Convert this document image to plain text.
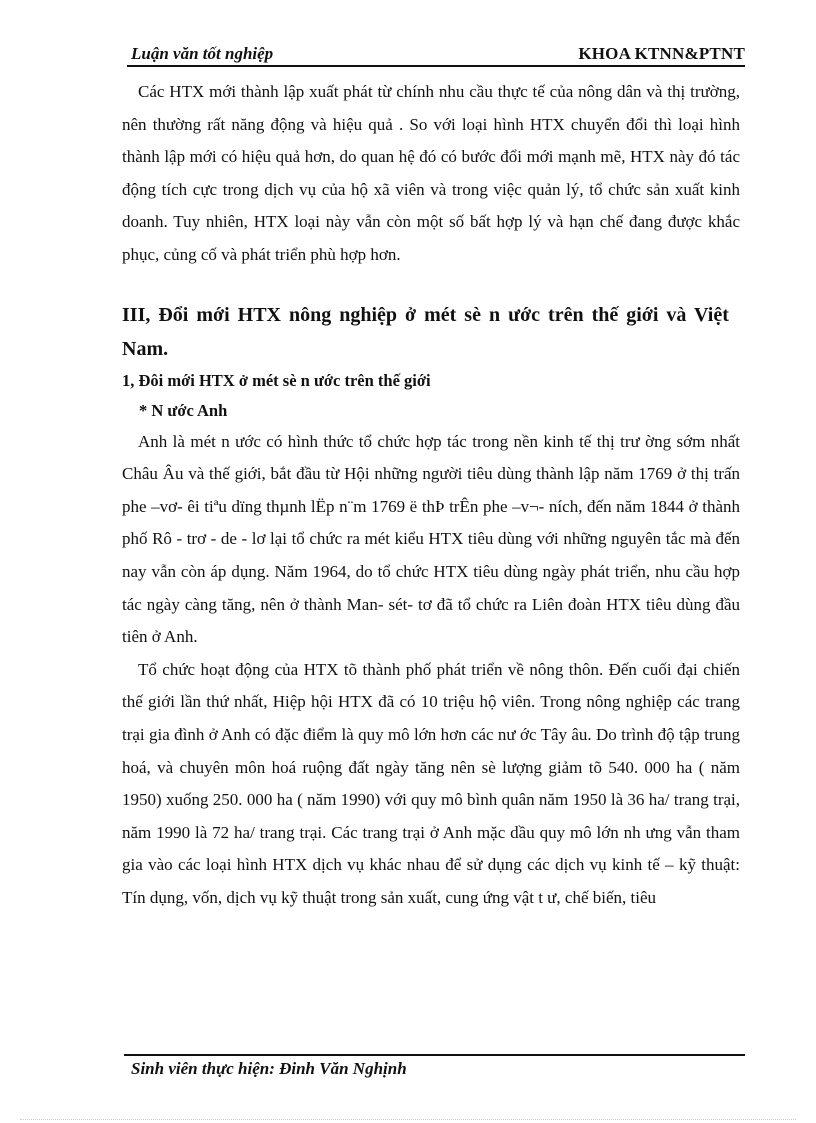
Luận văn tốt nghiệp	KHOA KTNN&PTNT

Các HTX mới thành lập xuất phát từ chính nhu cầu thực tế của nông dân và thị trường, nên thường rất năng động và hiệu quả . So với loại hình HTX chuyển đổi thì loại hình thành lập mới có hiệu quả hơn, do quan hệ đó có bước đổi mới mạnh mẽ, HTX này đó tác động tích cực trong dịch vụ của hộ xã viên và trong việc quản lý, tổ chức sản xuất kinh doanh. Tuy nhiên, HTX loại này vẫn còn một số bất hợp lý và hạn chế đang được khắc phục, củng cố và phát triển phù hợp hơn.

III, Đổi mới HTX nông nghiệp ở mét sè n ước trên thế giới và Việt Nam.

1, Đôi mới HTX ở mét sè n ước trên thế giới

* N ước Anh

Anh là mét n ước có hình thức tổ chức hợp tác trong nền kinh tế thị trư ờng sớm nhất Châu Âu và thế giới, bắt đầu từ Hội những người tiêu dùng thành lập năm 1769 ở thị trấn phe –vơ- êi tiªu dïng thµnh lËp n¨m 1769 ë thÞ trÊn phe –v¬- ních, đến năm 1844 ở thành phố Rô - trơ - de - lơ lại tổ chức ra mét kiểu HTX tiêu dùng với những nguyên tắc mà đến nay vẫn còn áp dụng. Năm 1964, do tổ chức HTX tiêu dùng ngày phát triển, nhu cầu hợp tác ngày càng tăng, nên ở thành Man- sét- tơ đã tổ chức ra Liên đoàn HTX tiêu dùng đầu tiên ở Anh.

Tổ chức hoạt động của HTX tõ thành phố phát triển về nông thôn. Đến cuối đại chiến thế giới lần thứ nhất, Hiệp hội HTX đã có 10 triệu hộ viên. Trong nông nghiệp các trang trại gia đình ở Anh có đặc điểm là quy mô lớn hơn các nư ớc Tây âu. Do trình độ tập trung hoá, và chuyên môn hoá ruộng đất ngày tăng nên sè lượng giảm tõ 540. 000 ha ( năm 1950) xuống 250. 000 ha ( năm 1990) với quy mô bình quân năm 1950 là 36 ha/ trang trại, năm 1990 là 72 ha/ trang trại. Các trang trại ở Anh mặc dầu quy mô lớn nh ưng vẫn tham gia vào các loại hình HTX dịch vụ khác nhau để sử dụng các dịch vụ kinh tế – kỹ thuật: Tín dụng, vốn, dịch vụ kỹ thuật trong sản xuất, cung ứng vật t ư, chế biến, tiêu

Sinh viên thực hiện: Đinh Văn Nghịnh
